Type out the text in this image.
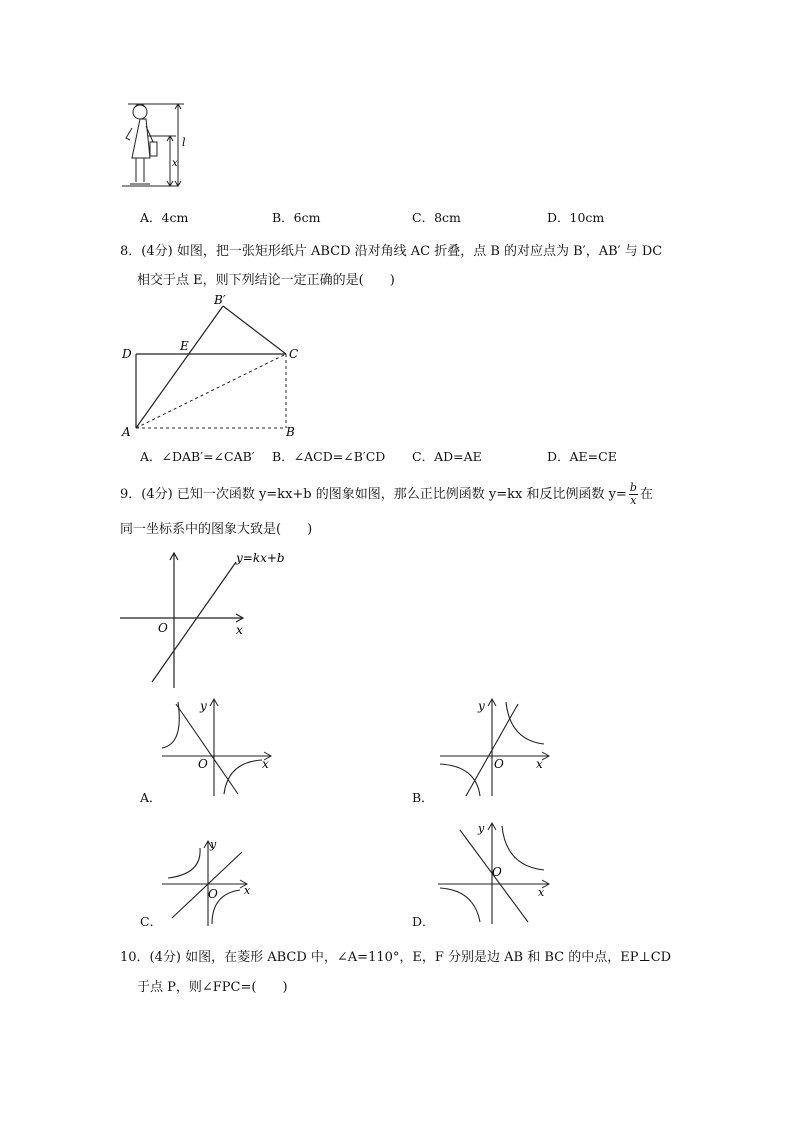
l
x
A．4cm	B．6cm	C．8cm	D．10cm
8．(4分) 如图，把一张矩形纸片 ABCD 沿对角线 AC 折叠，点 B 的对应点为 B′，AB′ 与 DC
相交于点 E，则下列结论一定正确的是(　　)
B′
D
E
C
A	B
A．∠DAB′=∠CAB′ B．∠ACD=∠B′CD C．AD=AE	D．AE=CE
9．(4分) 已知一次函数 y=kx+b 的图象如图，那么正比例函数 y=kx 和反比例函数 $y= \frac{b}{x}$ 在
同一坐标系中的图象大致是(　　)
y=kx+b
O	x
y
O	x
A．
y
O	x
B．
y
O x
C．
y
O
x
D．
10．(4分) 如图，在菱形 ABCD 中，∠A=110°，E，F 分别是边 AB 和 BC 的中点，EP⊥CD
于点 P，则∠FPC=(　　)
